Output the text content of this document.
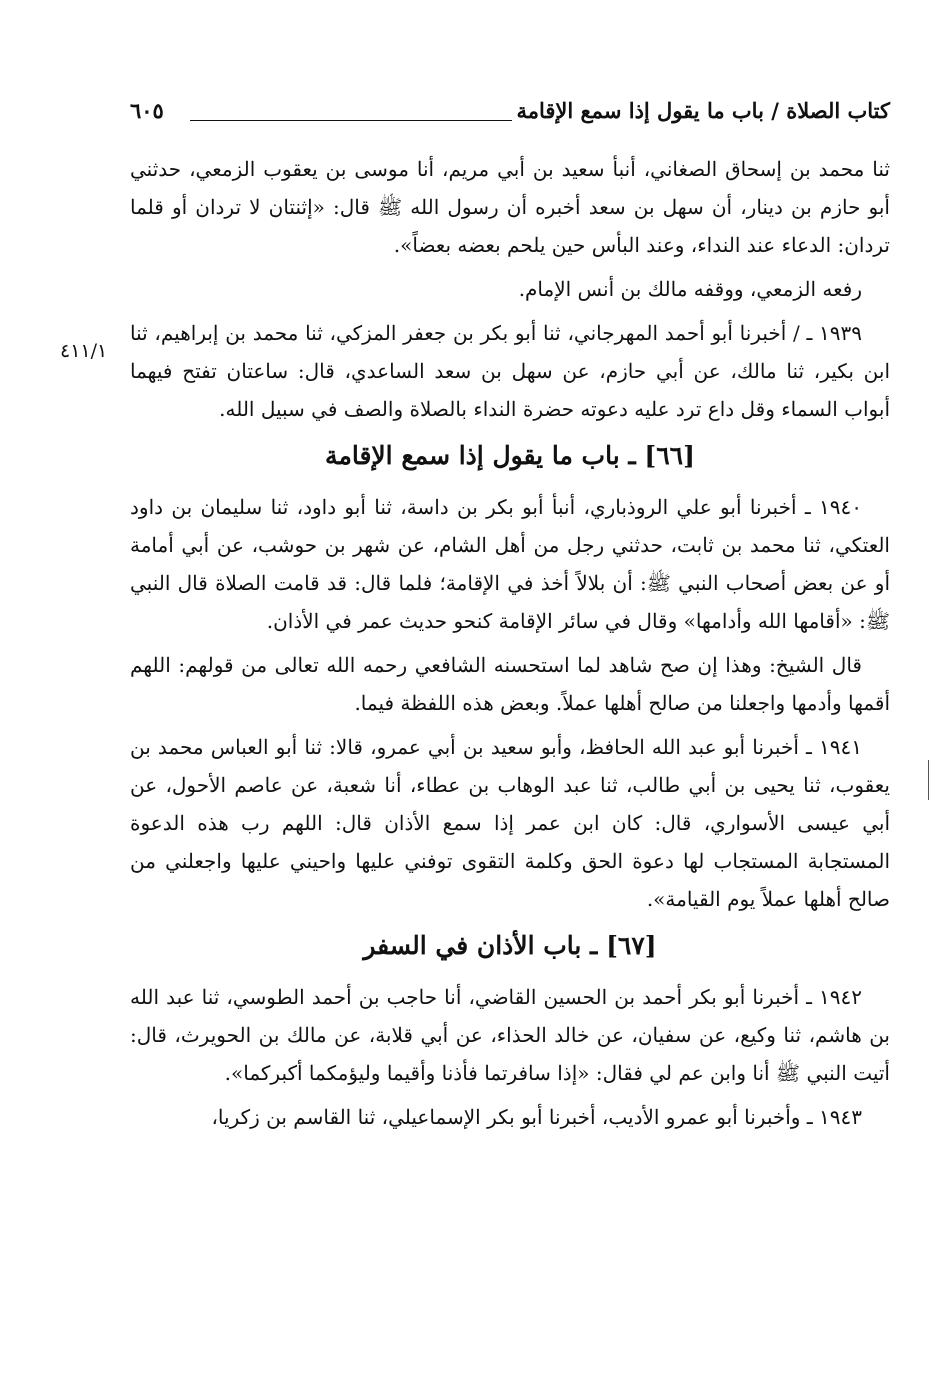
كتاب الصلاة / باب ما يقول إذا سمع الإقامة
٦٠٥
٤١١/١
ثنا محمد بن إسحاق الصغاني، أنبأ سعيد بن أبي مريم، أنا موسى بن يعقوب الزمعي، حدثني أبو حازم بن دينار، أن سهل بن سعد أخبره أن رسول الله ﷺ قال: «إثنتان لا تردان أو قلما تردان: الدعاء عند النداء، وعند البأس حين يلحم بعضه بعضاً».
رفعه الزمعي، ووقفه مالك بن أنس الإمام.
١٩٣٩ ـ / أخبرنا أبو أحمد المهرجاني، ثنا أبو بكر بن جعفر المزكي، ثنا محمد بن إبراهيم، ثنا ابن بكير، ثنا مالك، عن أبي حازم، عن سهل بن سعد الساعدي، قال: ساعتان تفتح فيهما أبواب السماء وقل داع ترد عليه دعوته حضرة النداء بالصلاة والصف في سبيل الله.
[٦٦] ـ باب ما يقول إذا سمع الإقامة
١٩٤٠ ـ أخبرنا أبو علي الروذباري، أنبأ أبو بكر بن داسة، ثنا أبو داود، ثنا سليمان بن داود العتكي، ثنا محمد بن ثابت، حدثني رجل من أهل الشام، عن شهر بن حوشب، عن أبي أمامة أو عن بعض أصحاب النبي ﷺ: أن بلالاً أخذ في الإقامة؛ فلما قال: قد قامت الصلاة قال النبي ﷺ: «أقامها الله وأدامها» وقال في سائر الإقامة كنحو حديث عمر في الأذان.
قال الشيخ: وهذا إن صح شاهد لما استحسنه الشافعي رحمه الله تعالى من قولهم: اللهم أقمها وأدمها واجعلنا من صالح أهلها عملاً. وبعض هذه اللفظة فيما.
١٩٤١ ـ أخبرنا أبو عبد الله الحافظ، وأبو سعيد بن أبي عمرو، قالا: ثنا أبو العباس محمد بن يعقوب، ثنا يحيى بن أبي طالب، ثنا عبد الوهاب بن عطاء، أنا شعبة، عن عاصم الأحول، عن أبي عيسى الأسواري، قال: كان ابن عمر إذا سمع الأذان قال: اللهم رب هذه الدعوة المستجابة المستجاب لها دعوة الحق وكلمة التقوى توفني عليها واحيني عليها واجعلني من صالح أهلها عملاً يوم القيامة».
[٦٧] ـ باب الأذان في السفر
١٩٤٢ ـ أخبرنا أبو بكر أحمد بن الحسين القاضي، أنا حاجب بن أحمد الطوسي، ثنا عبد الله بن هاشم، ثنا وكيع، عن سفيان، عن خالد الحذاء، عن أبي قلابة، عن مالك بن الحويرث، قال: أتيت النبي ﷺ أنا وابن عم لي فقال: «إذا سافرتما فأذنا وأقيما وليؤمكما أكبركما».
١٩٤٣ ـ وأخبرنا أبو عمرو الأديب، أخبرنا أبو بكر الإسماعيلي، ثنا القاسم بن زكريا،
